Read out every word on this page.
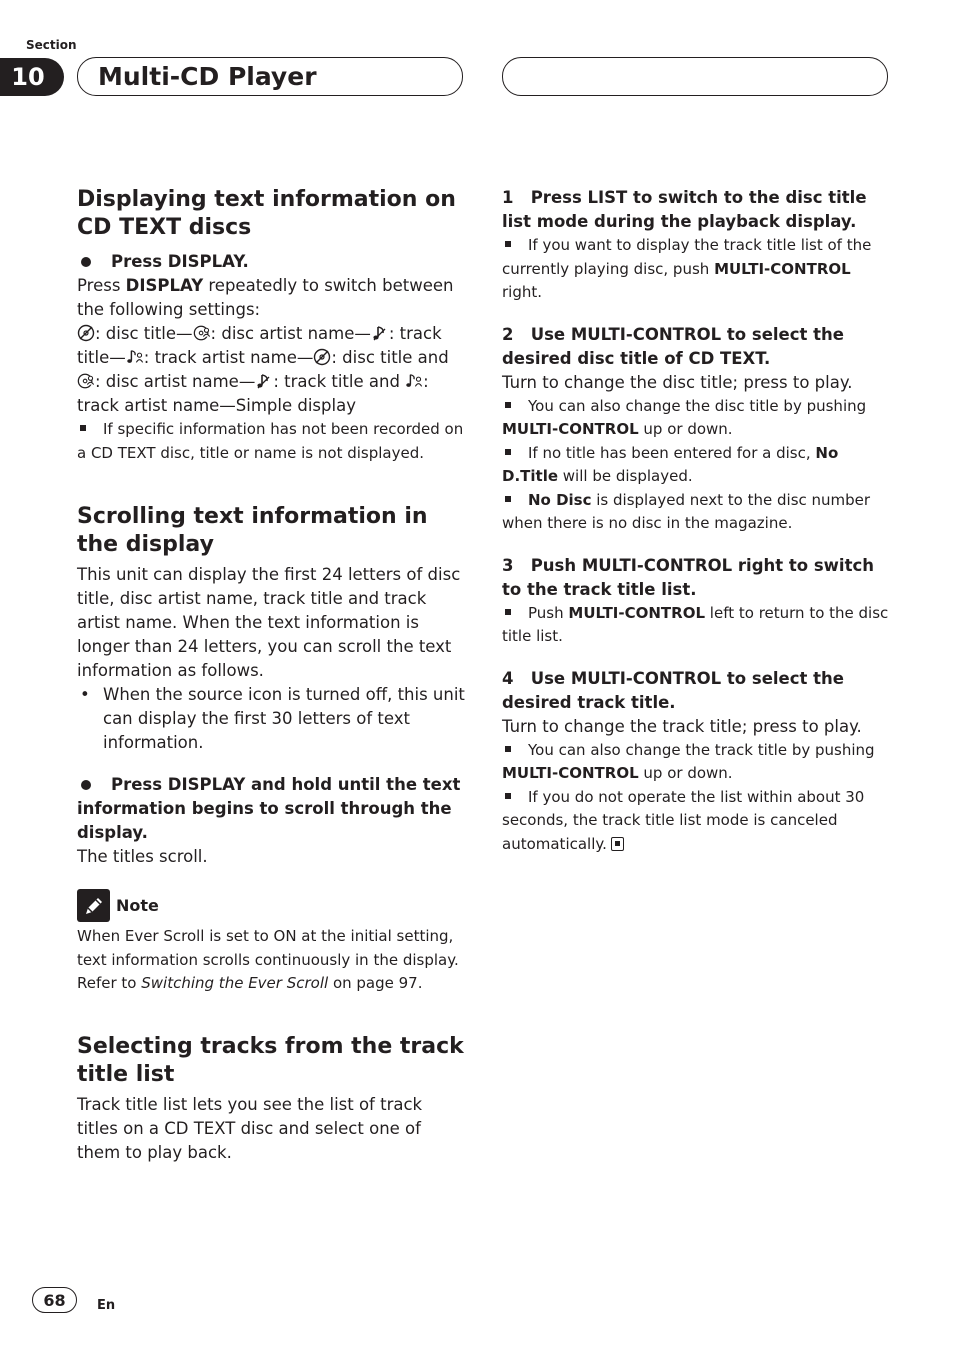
Section
10	Multi-CD Player
Displaying text information on CD TEXT discs

Press DISPLAY.

Press DISPLAY repeatedly to switch between the following settings:

: disc title— : disc artist name— : track title— : track artist name— : disc title and : disc artist name— : track title and : track artist name—Simple display

If specific information has not been recorded on a CD TEXT disc, title or name is not displayed.

Scrolling text information in the display

This unit can display the first 24 letters of disc title, disc artist name, track title and track artist name. When the text information is longer than 24 letters, you can scroll the text information as follows.

• When the source icon is turned off, this unit can display the first 30 letters of text information.

Press DISPLAY and hold until the text information begins to scroll through the display.

The titles scroll.

Note

When Ever Scroll is set to ON at the initial setting, text information scrolls continuously in the display. Refer to Switching the Ever Scroll on page 97.

Selecting tracks from the track title list

Track title list lets you see the list of track titles on a CD TEXT disc and select one of them to play back.

1   Press LIST to switch to the disc title list mode during the playback display.

If you want to display the track title list of the currently playing disc, push MULTI-CONTROL right.

2   Use MULTI-CONTROL to select the desired disc title of CD TEXT.

Turn to change the disc title; press to play.

You can also change the disc title by pushing MULTI-CONTROL up or down.

If no title has been entered for a disc, No D.Title will be displayed.

No Disc is displayed next to the disc number when there is no disc in the magazine.

3   Push MULTI-CONTROL right to switch to the track title list.

Push MULTI-CONTROL left to return to the disc title list.

4   Use MULTI-CONTROL to select the desired track title.

Turn to change the track title; press to play.

You can also change the track title by pushing MULTI-CONTROL up or down.

If you do not operate the list within about 30 seconds, the track title list mode is canceled automatically.

68	En
